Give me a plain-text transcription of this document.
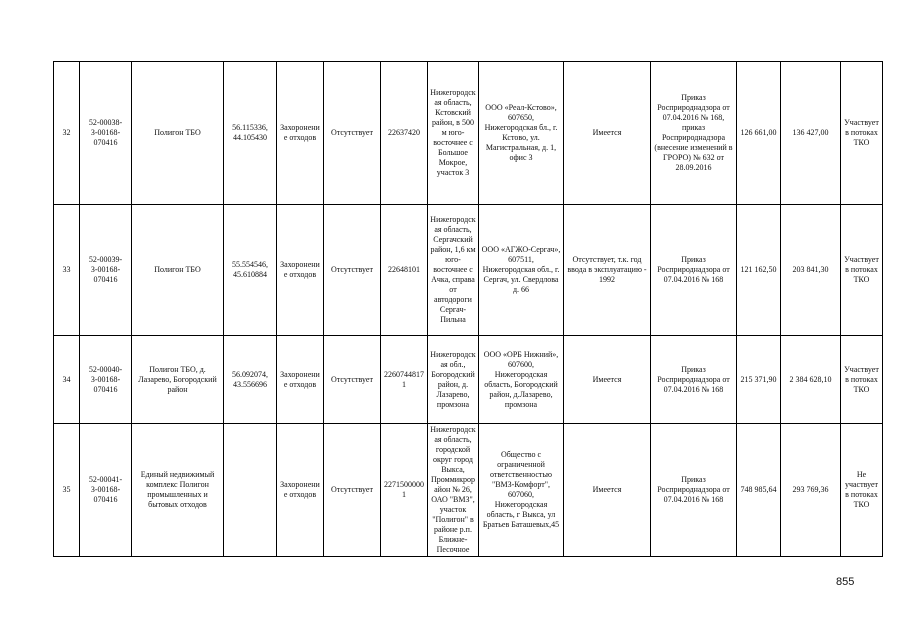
32	52-00038-З-00168-070416	Полигон ТБО	56.115336, 44.105430	Захоронение отходов	Отсутствует	22637420	Нижегородская область, Кстовский район, в 500 м юго-восточнее с Большое Мокрое, участок 3	ООО «Реал-Кстово», 607650, Нижегородская бл., г. Кстово, ул. Магистральная, д. 1, офис 3	Имеется	Приказ Росприроднадзора от 07.04.2016 № 168, приказ Росприроднадзора (внесение изменений в ГРОРО) № 632 от 28.09.2016	126 661,00	136 427,00	Участвует в потоках ТКО
33	52-00039-З-00168-070416	Полигон ТБО	55.554546, 45.610884	Захоронение отходов	Отсутствует	22648101	Нижегородская область, Сергачский район, 1,6 км юго-восточнее с Ачка, справа от автодороги Сергач-Пильна	ООО «АГЖО-Сергач», 607511, Нижегородская обл., г. Сергач, ул. Свердлова д. 66	Отсутствует, т.к. год ввода в эксплуатацию - 1992	Приказ Росприроднадзора от 07.04.2016 № 168	121 162,50	203 841,30	Участвует в потоках ТКО
34	52-00040-З-00168-070416	Полигон ТБО, д. Лазарево, Богородский район	56.092074, 43.556696	Захоронение отходов	Отсутствует	22607448171	Нижегородская обл., Богородский район, д. Лазарево, промзона	ООО «ОРБ Нижний», 607600, Нижегородская область, Богородский район, д.Лазарево, промзона	Имеется	Приказ Росприроднадзора от 07.04.2016 № 168	215 371,90	2 384 628,10	Участвует в потоках ТКО
35	52-00041-З-00168-070416	Единый недвижимый комплекс Полигон промышленных и бытовых отходов		Захоронение отходов	Отсутствует	22715000001	Нижегородская область, городской округ город Выкса, Проммикрорайон № 26, ОАО "ВМЗ", участок "Полигон" в районе р.п. Ближне-Песочное	Общество с ограниченной ответственностью "ВМЗ-Комфорт", 607060, Нижегородская область, г Выкса, ул Братьев Баташевых,45	Имеется	Приказ Росприроднадзора от 07.04.2016 № 168	748 985,64	293 769,36	Не участвует в потоках ТКО
855
